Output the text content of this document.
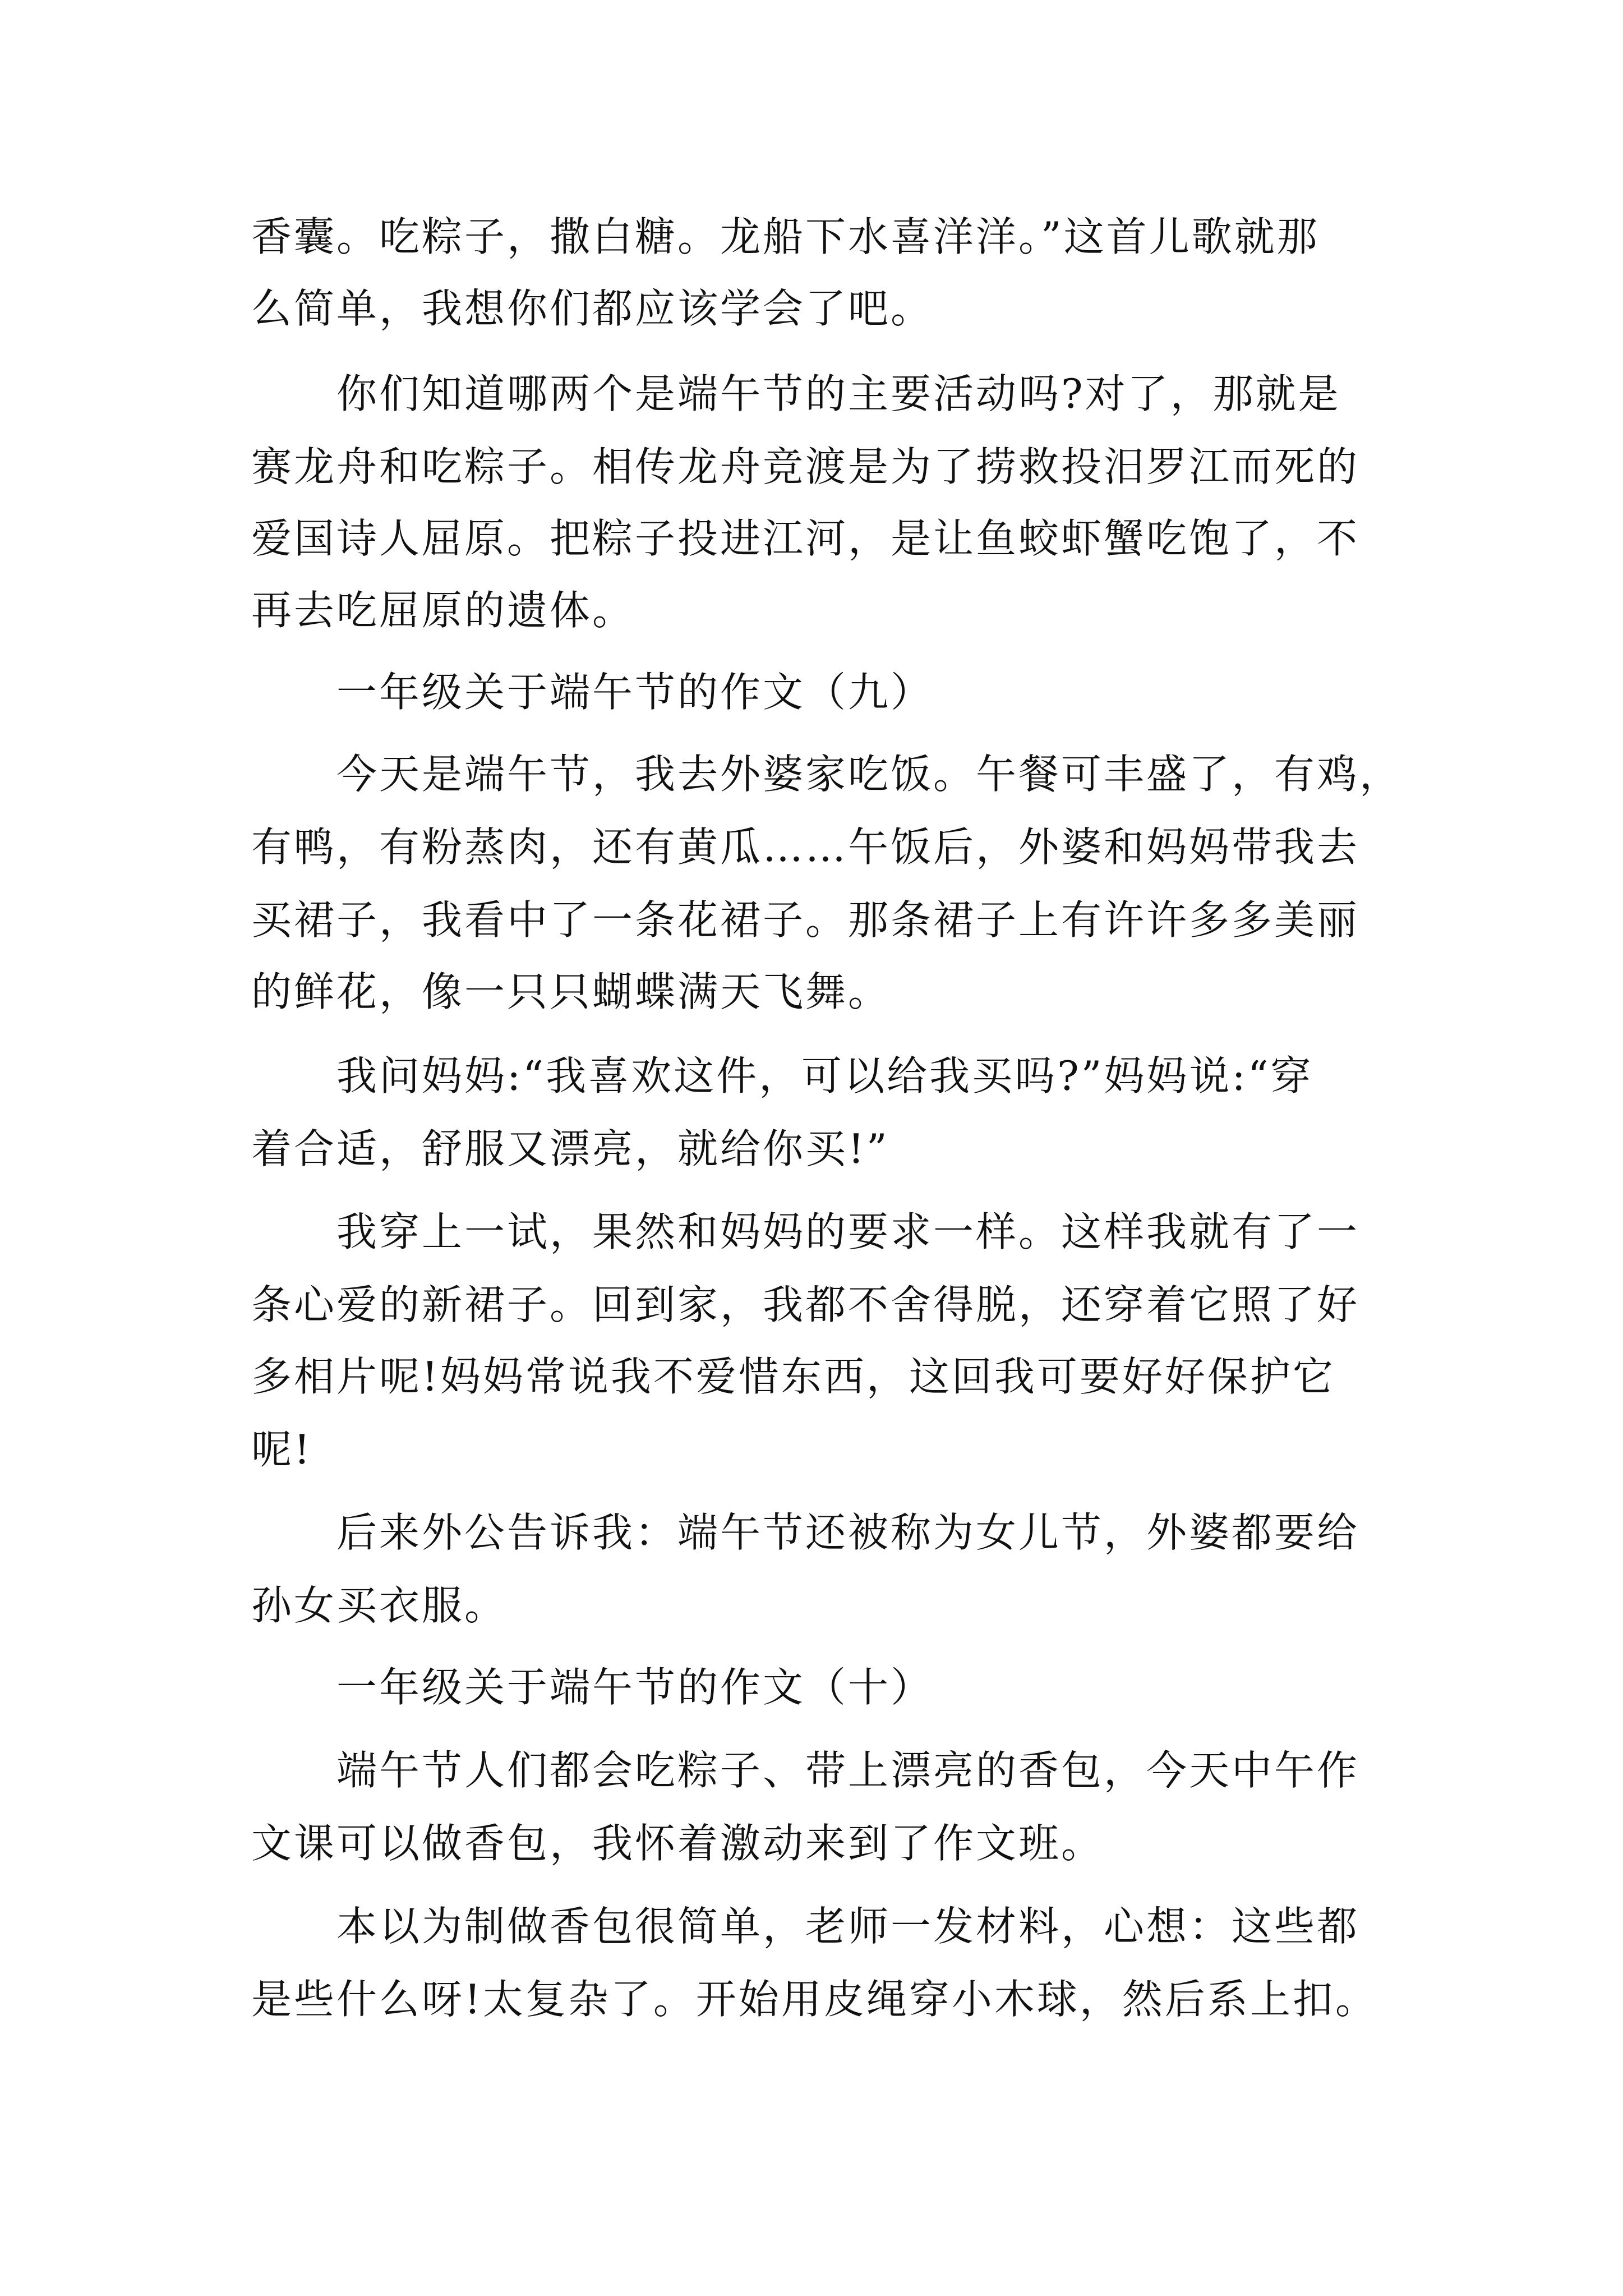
香囊。吃粽子，撒白糖。龙船下水喜洋洋。”这首儿歌就那
么简单，我想你们都应该学会了吧。
你们知道哪两个是端午节的主要活动吗?对了，那就是
赛龙舟和吃粽子。相传龙舟竞渡是为了捞救投汨罗江而死的
爱国诗人屈原。把粽子投进江河，是让鱼蛟虾蟹吃饱了，不
再去吃屈原的遗体。
一年级关于端午节的作文（九）
今天是端午节，我去外婆家吃饭。午餐可丰盛了，有鸡，
有鸭，有粉蒸肉，还有黄瓜……午饭后，外婆和妈妈带我去
买裙子，我看中了一条花裙子。那条裙子上有许许多多美丽
的鲜花，像一只只蝴蝶满天飞舞。
我问妈妈:“我喜欢这件，可以给我买吗?”妈妈说:“穿
着合适，舒服又漂亮，就给你买!”
我穿上一试，果然和妈妈的要求一样。这样我就有了一
条心爱的新裙子。回到家，我都不舍得脱，还穿着它照了好
多相片呢!妈妈常说我不爱惜东西，这回我可要好好保护它
呢!
后来外公告诉我：端午节还被称为女儿节，外婆都要给
孙女买衣服。
一年级关于端午节的作文（十）
端午节人们都会吃粽子、带上漂亮的香包，今天中午作
文课可以做香包，我怀着激动来到了作文班。
本以为制做香包很简单，老师一发材料，心想：这些都
是些什么呀!太复杂了。开始用皮绳穿小木球，然后系上扣。
